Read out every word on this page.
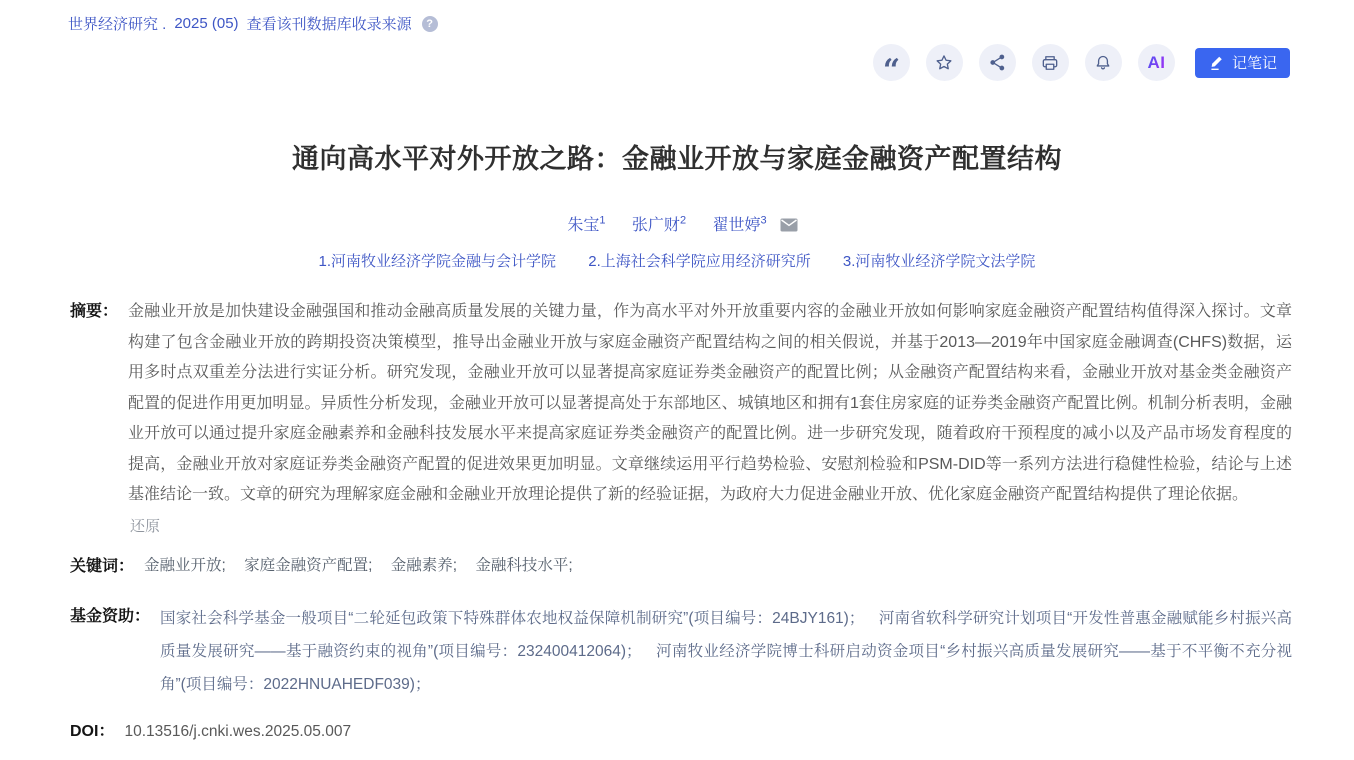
世界经济研究 . 2025 (05) 查看该刊数据库收录来源	?
“	AI	记笔记
通向高水平对外开放之路：金融业开放与家庭金融资产配置结构
朱宝$^1$ 张广财$^2$ 翟世婷$^3$
1.河南牧业经济学院金融与会计学院 2.上海社会科学院应用经济研究所 3.河南牧业经济学院文法学院
摘要： 金融业开放是加快建设金融强国和推动金融高质量发展的关键力量，作为高水平对外开放重要内容的金融业开放如何影响家庭金融资产配置结构值得深入探讨。文章构建了包含金融业开放的跨期投资决策模型，推导出金融业开放与家庭金融资产配置结构之间的相关假说，并基于2013—2019年中国家庭金融调查(CHFS)数据，运用多时点双重差分法进行实证分析。研究发现，金融业开放可以显著提高家庭证券类金融资产的配置比例；从金融资产配置结构来看，金融业开放对基金类金融资产配置的促进作用更加明显。异质性分析发现，金融业开放可以显著提高处于东部地区、城镇地区和拥有1套住房家庭的证券类金融资产配置比例。机制分析表明，金融业开放可以通过提升家庭金融素养和金融科技发展水平来提高家庭证券类金融资产的配置比例。进一步研究发现，随着政府干预程度的减小以及产品市场发育程度的提高，金融业开放对家庭证券类金融资产配置的促进效果更加明显。文章继续运用平行趋势检验、安慰剂检验和PSM-DID等一系列方法进行稳健性检验，结论与上述基准结论一致。文章的研究为理解家庭金融和金融业开放理论提供了新的经验证据，为政府大力促进金融业开放、优化家庭金融资产配置结构提供了理论依据。
还原
关键词： 金融业开放; 家庭金融资产配置; 金融素养; 金融科技水平;
基金资助： 国家社会科学基金一般项目“二轮延包政策下特殊群体农地权益保障机制研究”(项目编号：24BJY161)； 河南省软科学研究计划项目“开发性普惠金融赋能乡村振兴高质量发展研究——基于融资约束的视角”(项目编号：232400412064)； 河南牧业经济学院博士科研启动资金项目“乡村振兴高质量发展研究——基于不平衡不充分视角”(项目编号：2022HNUAHEDF039)；
DOI： 10.13516/j.cnki.wes.2025.05.007
